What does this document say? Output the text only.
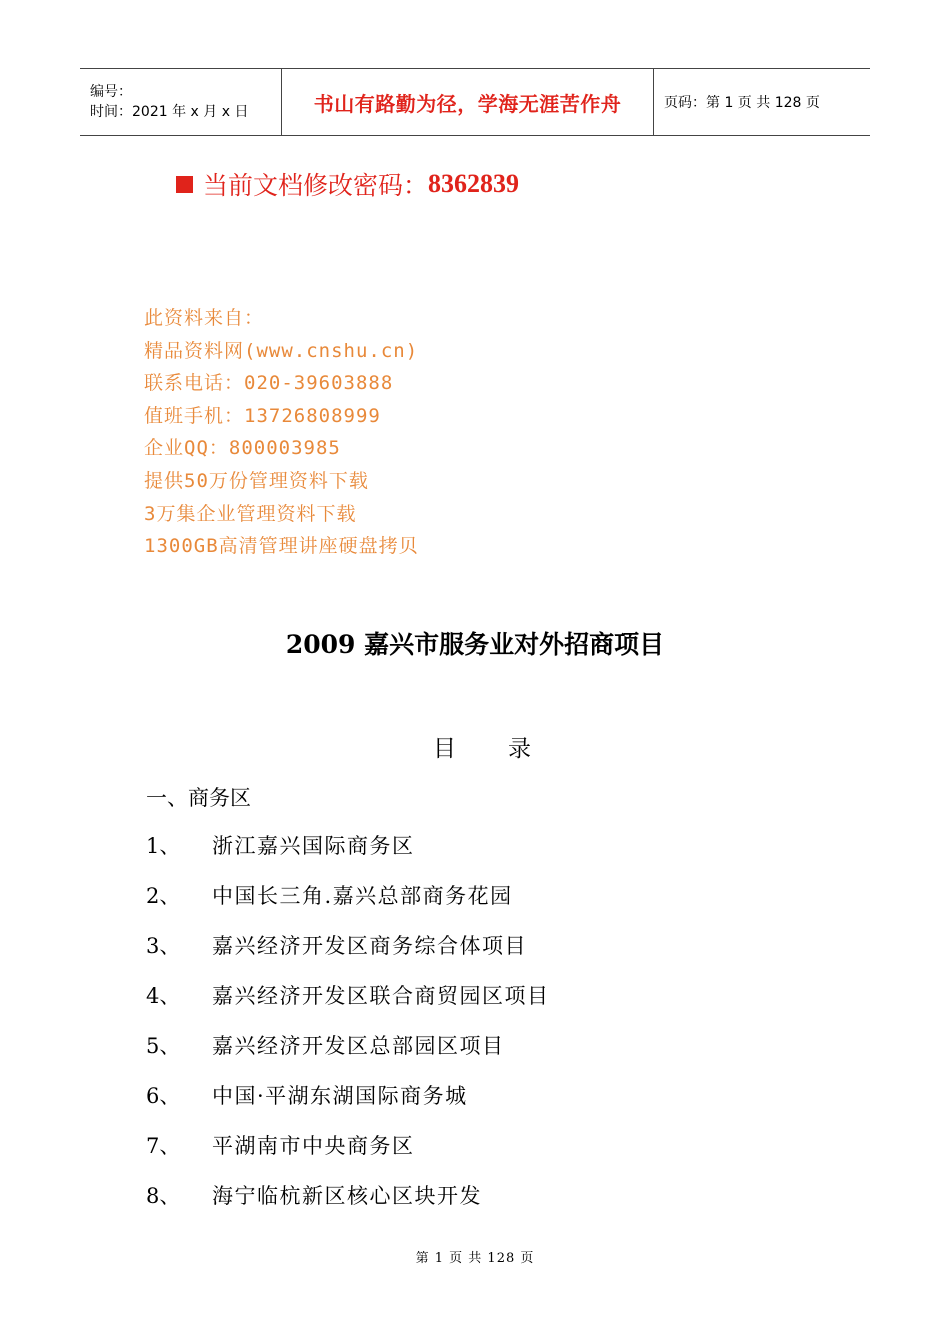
编号：
时间：2021 年 x 月 x 日	书山有路勤为径，学海无涯苦作舟	页码：第 1 页 共 128 页
当前文档修改密码： 8362839
此资料来自：
精品资料网(www.cnshu.cn)
联系电话：020-39603888
值班手机：13726808999
企业QQ：800003985
提供50万份管理资料下载
3万集企业管理资料下载
1300GB高清管理讲座硬盘拷贝
2009 嘉兴市服务业对外招商项目
目 录
一、商务区
1、	浙江嘉兴国际商务区
2、	中国长三角.嘉兴总部商务花园
3、	嘉兴经济开发区商务综合体项目
4、	嘉兴经济开发区联合商贸园区项目
5、	嘉兴经济开发区总部园区项目
6、	中国·平湖东湖国际商务城
7、	平湖南市中央商务区
8、	海宁临杭新区核心区块开发
第 1 页 共 128 页
